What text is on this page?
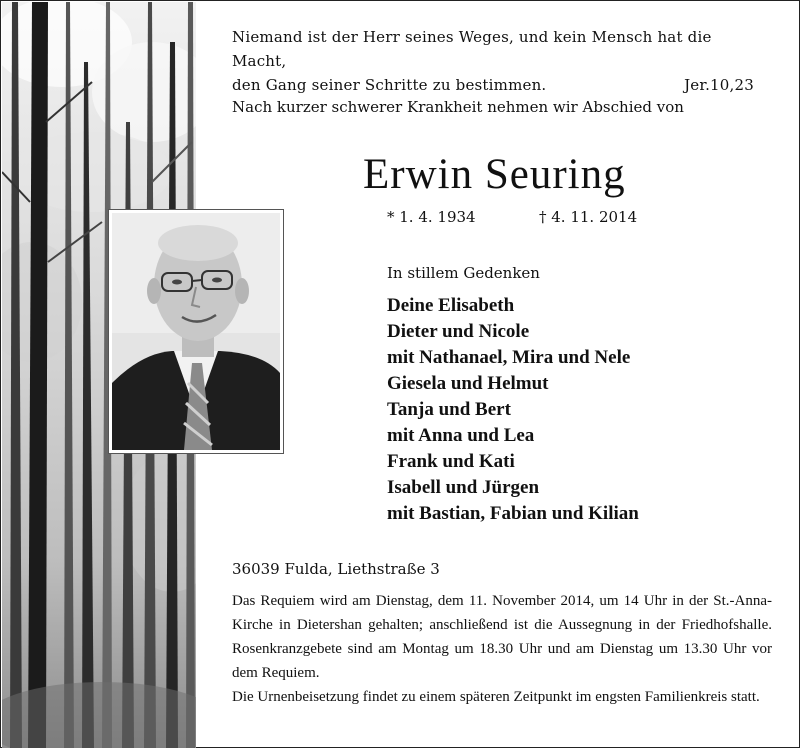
Niemand ist der Herr seines Weges, und kein Mensch hat die Macht,
den Gang seiner Schritte zu bestimmen.	Jer.10,23
Nach kurzer schwerer Krankheit nehmen wir Abschied von
Erwin Seuring
* 1. 4. 1934	† 4. 11. 2014
In stillem Gedenken
Deine Elisabeth
Dieter und Nicole
mit Nathanael, Mira und Nele
Giesela und Helmut
Tanja und Bert
mit Anna und Lea
Frank und Kati
Isabell und Jürgen
mit Bastian, Fabian und Kilian
36039 Fulda, Liethstraße 3

Das Requiem wird am Dienstag, dem 11. November 2014, um 14 Uhr in der St.-Anna-Kirche in Dietershan gehalten; anschließend ist die Aussegnung in der Friedhofshalle. Rosenkranzgebete sind am Montag um 18.30 Uhr und am Dienstag um 13.30 Uhr vor dem Requiem.

Die Urnenbeisetzung findet zu einem späteren Zeitpunkt im engsten Familienkreis statt.
